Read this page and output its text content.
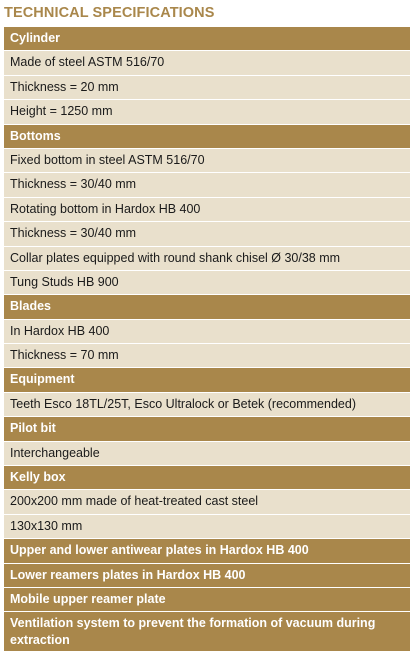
TECHNICAL SPECIFICATIONS
Cylinder
Made of steel ASTM 516/70
Thickness = 20 mm
Height = 1250 mm
Bottoms
Fixed bottom in steel ASTM 516/70
Thickness = 30/40 mm
Rotating bottom in Hardox HB 400
Thickness = 30/40 mm
Collar plates equipped with round shank chisel Ø 30/38 mm
Tung Studs HB 900
Blades
In Hardox HB 400
Thickness = 70 mm
Equipment
Teeth Esco 18TL/25T, Esco Ultralock or Betek (recommended)
Pilot bit
Interchangeable
Kelly box
200x200 mm made of heat-treated cast steel
130x130 mm
Upper and lower antiwear plates in Hardox HB 400
Lower reamers plates in Hardox HB 400
Mobile upper reamer plate
Ventilation system to prevent the formation of vacuum during extraction
